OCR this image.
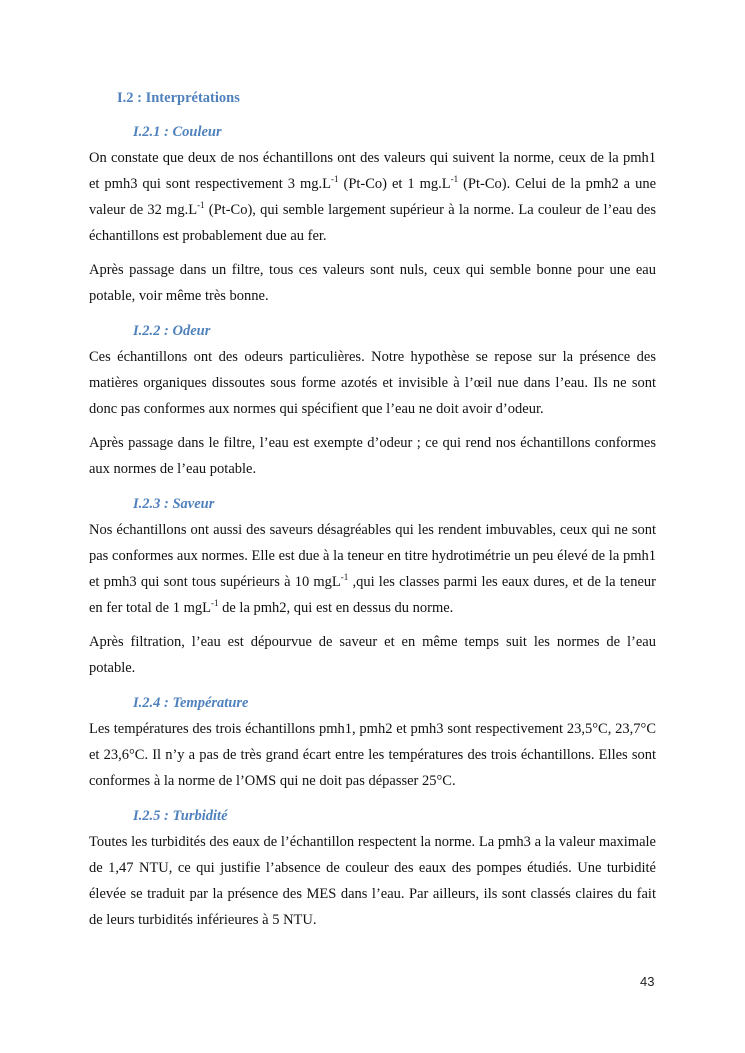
I.2 : Interprétations
I.2.1 : Couleur

On constate que deux de nos échantillons ont des valeurs qui suivent la norme, ceux de la pmh1 et pmh3 qui sont respectivement 3 $mg.L^{-1}$ (Pt-Co) et 1 $mg.L^{-1}$ (Pt-Co). Celui de la pmh2 a une valeur de 32 $mg.L^{-1}$ (Pt-Co), qui semble largement supérieur à la norme. La couleur de l’eau des échantillons est probablement due au fer.

Après passage dans un filtre, tous ces valeurs sont nuls, ceux qui semble bonne pour une eau potable, voir même très bonne.

I.2.2 : Odeur

Ces échantillons ont des odeurs particulières. Notre hypothèse se repose sur la présence des matières organiques dissoutes sous forme azotés et invisible à l’œil nue dans l’eau. Ils ne sont donc pas conformes aux normes qui spécifient que l’eau ne doit avoir d’odeur.

Après passage dans le filtre, l’eau est exempte d’odeur ; ce qui rend nos échantillons conformes aux normes de l’eau potable.

I.2.3 : Saveur

Nos échantillons ont aussi des saveurs désagréables qui les rendent imbuvables, ceux qui ne sont pas conformes aux normes. Elle est due à la teneur en titre hydrotimétrie un peu élevé de la pmh1 et pmh3 qui sont tous supérieurs à 10 mgL$^{-1}$ ,qui les classes parmi les eaux dures, et de la teneur en fer total de 1 mgL$^{-1}$ de la pmh2, qui est en dessus du norme.

Après filtration, l’eau est dépourvue de saveur et en même temps suit les normes de l’eau potable.

I.2.4 : Température

Les températures des trois échantillons pmh1, pmh2 et pmh3 sont respectivement 23,5°C, 23,7°C et 23,6°C. Il n’y a pas de très grand écart entre les températures des trois échantillons. Elles sont conformes à la norme de l’OMS qui ne doit pas dépasser 25°C.

I.2.5 : Turbidité

Toutes les turbidités des eaux de l’échantillon respectent la norme. La pmh3 a la valeur maximale de 1,47 NTU, ce qui justifie l’absence de couleur des eaux des pompes étudiés. Une turbidité élevée se traduit par la présence des MES dans l’eau. Par ailleurs, ils sont classés claires du fait de leurs turbidités inférieures à 5 NTU.

43
